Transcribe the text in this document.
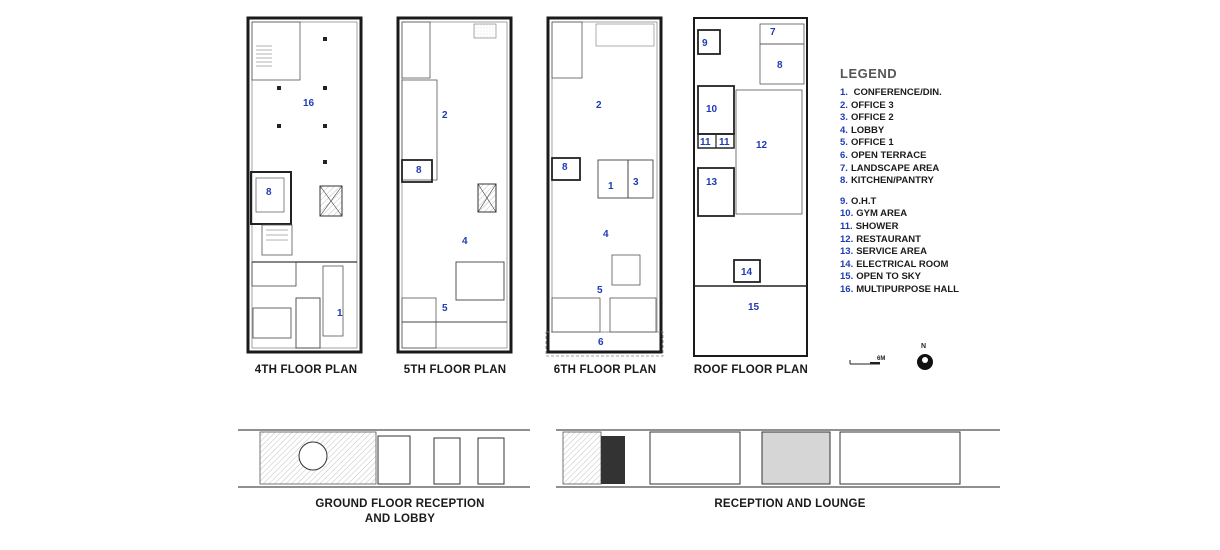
16
8
1
2
8
4
5
2
8
1 3
4
5
6
9
7
8
10
11 11	12
13
14
15
4TH FLOOR PLAN	5TH FLOOR PLAN	6TH FLOOR PLAN	ROOF FLOOR PLAN
GROUND FLOOR RECEPTION
AND LOBBY
RECEPTION AND LOUNGE
LEGEND
1. CONFERENCE/DIN.
2. OFFICE 3
3. OFFICE 2
4. LOBBY
5. OFFICE 1
6. OPEN TERRACE
7. LANDSCAPE AREA
8. KITCHEN/PANTRY
9. O.H.T
10. GYM AREA
11. SHOWER
12. RESTAURANT
13. SERVICE AREA
14. ELECTRICAL ROOM
15. OPEN TO SKY
16. MULTIPURPOSE HALL
6M
N
